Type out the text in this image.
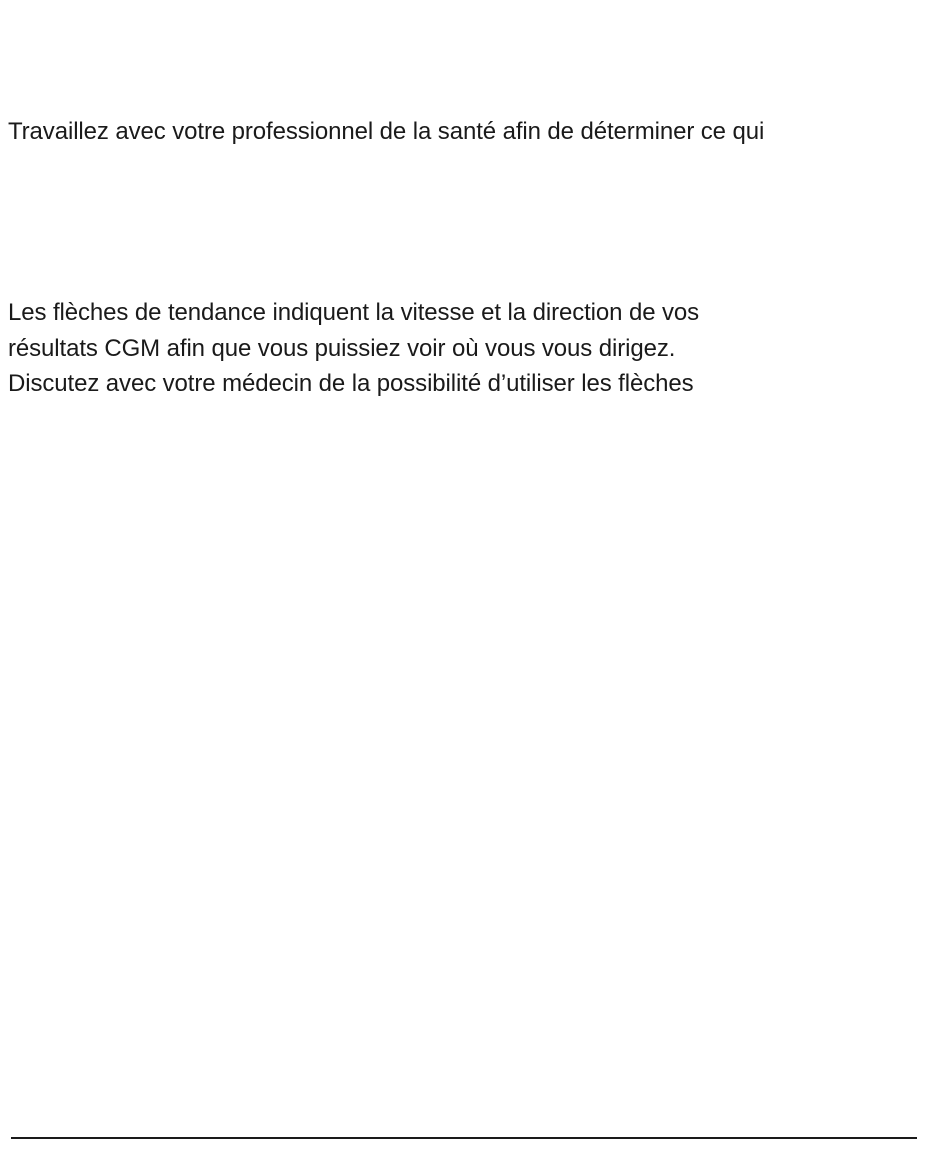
Travaillez avec votre professionnel de la santé afin de déterminer ce qui

Les flèches de tendance indiquent la vitesse et la direction de vos

résultats CGM afin que vous puissiez voir où vous vous dirigez.

Discutez avec votre médecin de la possibilité d’utiliser les flèches
